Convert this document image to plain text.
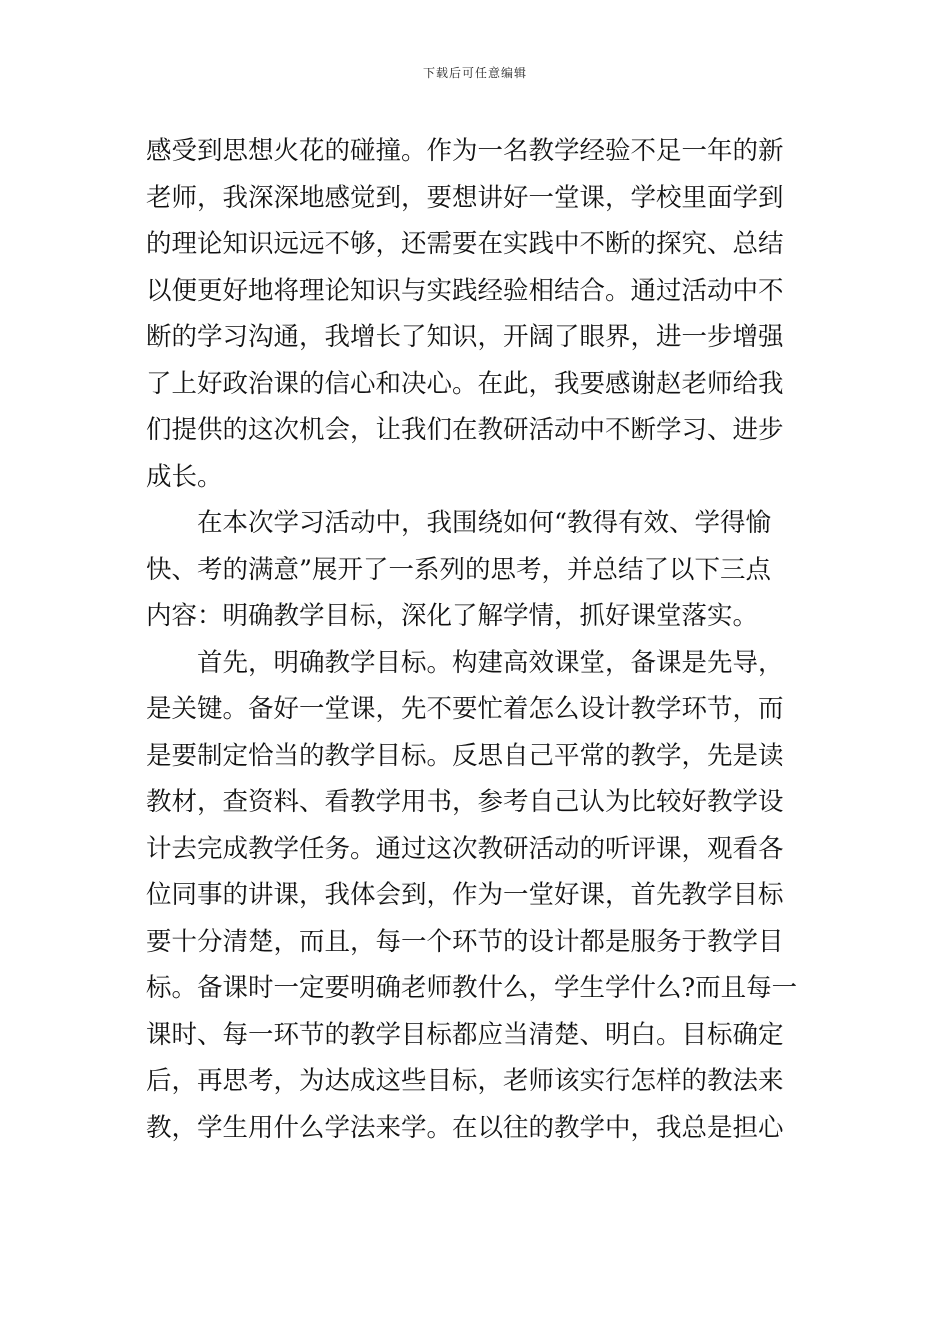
下载后可任意编辑
感受到思想火花的碰撞。作为一名教学经验不足一年的新
老师，我深深地感觉到，要想讲好一堂课，学校里面学到
的理论知识远远不够，还需要在实践中不断的探究、总结
以便更好地将理论知识与实践经验相结合。通过活动中不
断的学习沟通，我增长了知识，开阔了眼界，进一步增强
了上好政治课的信心和决心。在此，我要感谢赵老师给我
们提供的这次机会，让我们在教研活动中不断学习、进步
成长。
在本次学习活动中，我围绕如何“教得有效、学得愉
快、考的满意”展开了一系列的思考，并总结了以下三点
内容：明确教学目标，深化了解学情，抓好课堂落实。
首先，明确教学目标。构建高效课堂，备课是先导，
是关键。备好一堂课，先不要忙着怎么设计教学环节，而
是要制定恰当的教学目标。反思自己平常的教学，先是读
教材，查资料、看教学用书，参考自己认为比较好教学设
计去完成教学任务。通过这次教研活动的听评课，观看各
位同事的讲课，我体会到，作为一堂好课，首先教学目标
要十分清楚，而且，每一个环节的设计都是服务于教学目
标。备课时一定要明确老师教什么，学生学什么?而且每一
课时、每一环节的教学目标都应当清楚、明白。目标确定
后，再思考，为达成这些目标，老师该实行怎样的教法来
教，学生用什么学法来学。在以往的教学中，我总是担心
